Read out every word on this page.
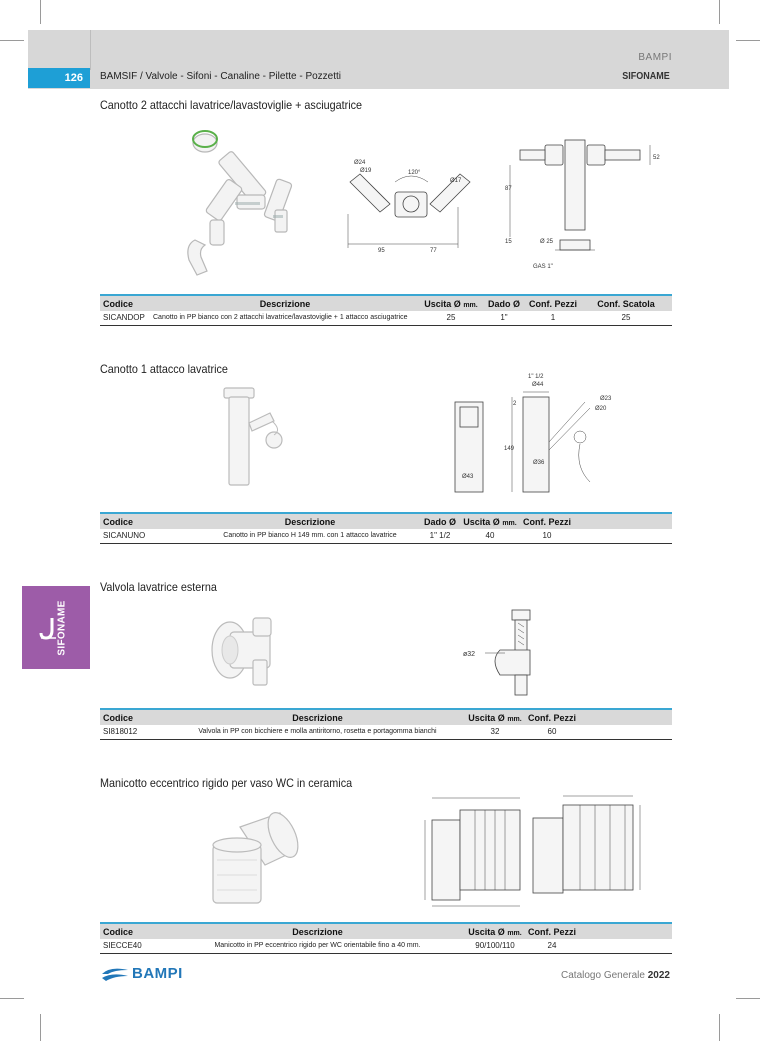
BAMPI
126	BAMSIF / Valvole - Sifoni - Canaline - Pilette - Pozzetti	SIFONAME
Canotto 2 attacchi lavatrice/lavastoviglie + asciugatrice
Ø24
Ø19	120°
Ø17
95	77
87
15	Ø 25
GAS 1"
52
Codice	Descrizione	Uscita Ø mm.	Dado Ø	Conf. Pezzi	Conf. Scatola
SICANDOP	Canotto in PP bianco con 2 attacchi lavatrice/lavastoviglie + 1 attacco asciugatrice	25	1"	1	25
Canotto 1 attacco lavatrice
1" 1/2
Ø44
Ø43
149
Ø36
2
Ø20
Ø23
Codice	Descrizione	Dado Ø	Uscita Ø mm.	Conf. Pezzi	
SICANUNO	Canotto in PP bianco H 149 mm. con 1 attacco lavatrice	1" 1/2	40	10	
SIFONAME
Valvola lavatrice esterna
ø32
Codice	Descrizione	Uscita Ø mm.	Conf. Pezzi	
SI818012	Valvola in PP con bicchiere e molla antiritorno, rosetta e portagomma bianchi	32	60	
Manicotto eccentrico rigido per vaso WC in ceramica
Codice	Descrizione	Uscita Ø mm.	Conf. Pezzi	
SIECCE40	Manicotto in PP eccentrico rigido per WC orientabile fino a 40 mm.	90/100/110	24	
BAMPI	Catalogo Generale 2022
